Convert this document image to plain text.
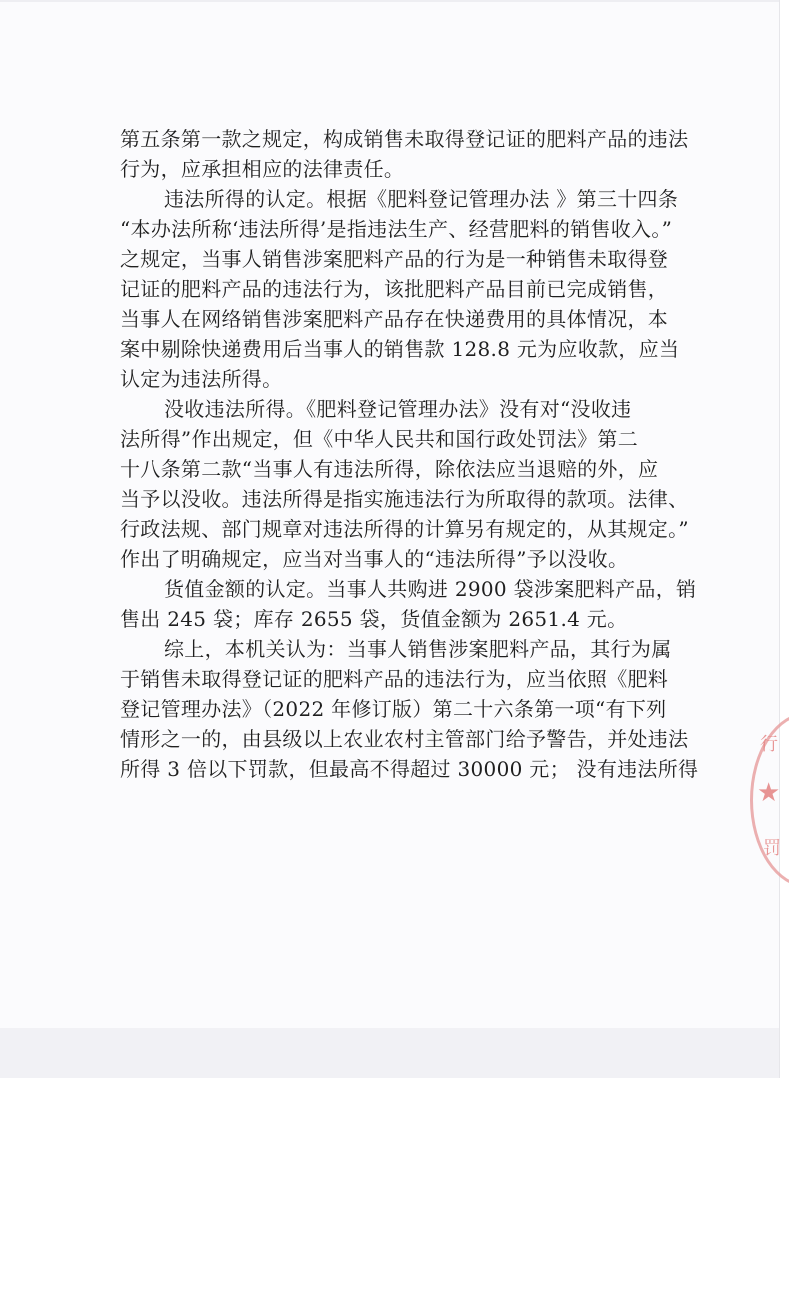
第五条第一款之规定，构成销售未取得登记证的肥料产品的违法
行为，应承担相应的法律责任。

违法所得的认定。根据《肥料登记管理办法 》第三十四条
“本办法所称‘违法所得’是指违法生产、经营肥料的销售收入。”
之规定，当事人销售涉案肥料产品的行为是一种销售未取得登
记证的肥料产品的违法行为，该批肥料产品目前已完成销售，
当事人在网络销售涉案肥料产品存在快递费用的具体情况，本
案中剔除快递费用后当事人的销售款 128.8 元为应收款，应当
认定为违法所得。

没收违法所得。《肥料登记管理办法》没有对“没收违
法所得”作出规定，但《中华人民共和国行政处罚法》第二
十八条第二款“当事人有违法所得，除依法应当退赔的外，应
当予以没收。违法所得是指实施违法行为所取得的款项。法律、
行政法规、部门规章对违法所得的计算另有规定的，从其规定。”
作出了明确规定，应当对当事人的“违法所得”予以没收。

货值金额的认定。当事人共购进 2900 袋涉案肥料产品，销
售出 245 袋；库存 2655 袋，货值金额为 2651.4 元。

综上，本机关认为：当事人销售涉案肥料产品，其行为属
于销售未取得登记证的肥料产品的违法行为，应当依照《肥料
登记管理办法》（2022 年修订版）第二十六条第一项“有下列
情形之一的，由县级以上农业农村主管部门给予警告，并处违法
所得 3 倍以下罚款，但最高不得超过 30000 元； 没有违法所得

★
行
罚
